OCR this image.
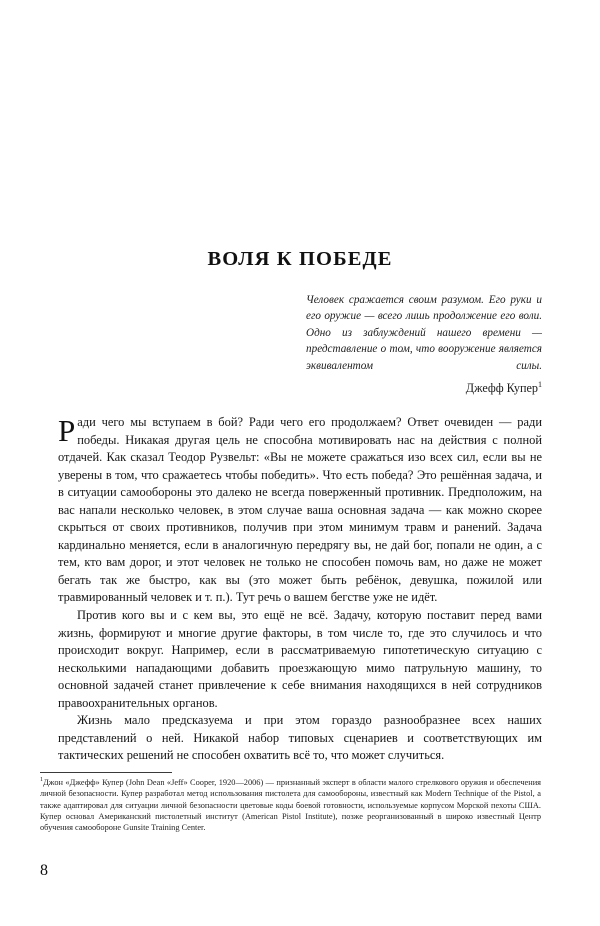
ВОЛЯ К ПОБЕДЕ
Человек сражается своим разумом. Его руки и его оружие — всего лишь продолжение его воли. Одно из заблуждений нашего времени — представление о том, что вооружение является эквивалентом силы.
Джефф Купер$^1$

Ради чего мы вступаем в бой? Ради чего его продолжаем? Ответ очевиден — ради победы. Никакая другая цель не способна мотивировать нас на действия с полной отдачей. Как сказал Теодор Рузвельт: «Вы не можете сражаться изо всех сил, если вы не уверены в том, что сражаетесь чтобы победить». Что есть победа? Это решённая задача, и в ситуации самообороны это далеко не всегда поверженный противник. Предположим, на вас напали несколько человек, в этом случае ваша основная задача — как можно скорее скрыться от своих противников, получив при этом минимум травм и ранений. Задача кардинально меняется, если в аналогичную передрягу вы, не дай бог, попали не один, а с тем, кто вам дорог, и этот человек не только не способен помочь вам, но даже не может бегать так же быстро, как вы (это может быть ребёнок, девушка, пожилой или травмированный человек и т. п.). Тут речь о вашем бегстве уже не идёт.

Против кого вы и с кем вы, это ещё не всё. Задачу, которую поставит перед вами жизнь, формируют и многие другие факторы, в том числе то, где это случилось и что происходит вокруг. Например, если в рассматриваемую гипотетическую ситуацию с несколькими нападающими добавить проезжающую мимо патрульную машину, то основной задачей станет привлечение к себе внимания находящихся в ней сотрудников правоохранительных органов.

Жизнь мало предсказуема и при этом гораздо разнообразнее всех наших представлений о ней. Никакой набор типовых сценариев и соответствующих им тактических решений не способен охватить всё то, что может случиться.

$^1$Джон «Джефф» Купер (John Dean «Jeff» Cooper, 1920—2006) — признанный эксперт в области малого стрелкового оружия и обеспечения личной безопасности. Купер разработал метод использования пистолета для самообороны, известный как Modern Technique of the Pistol, а также адаптировал для ситуации личной безопасности цветовые коды боевой готовности, используемые корпусом Морской пехоты США. Купер основал Американский пистолетный институт (American Pistol Institute), позже реорганизованный в широко известный Центр обучения самообороне Gunsite Training Center.
8
